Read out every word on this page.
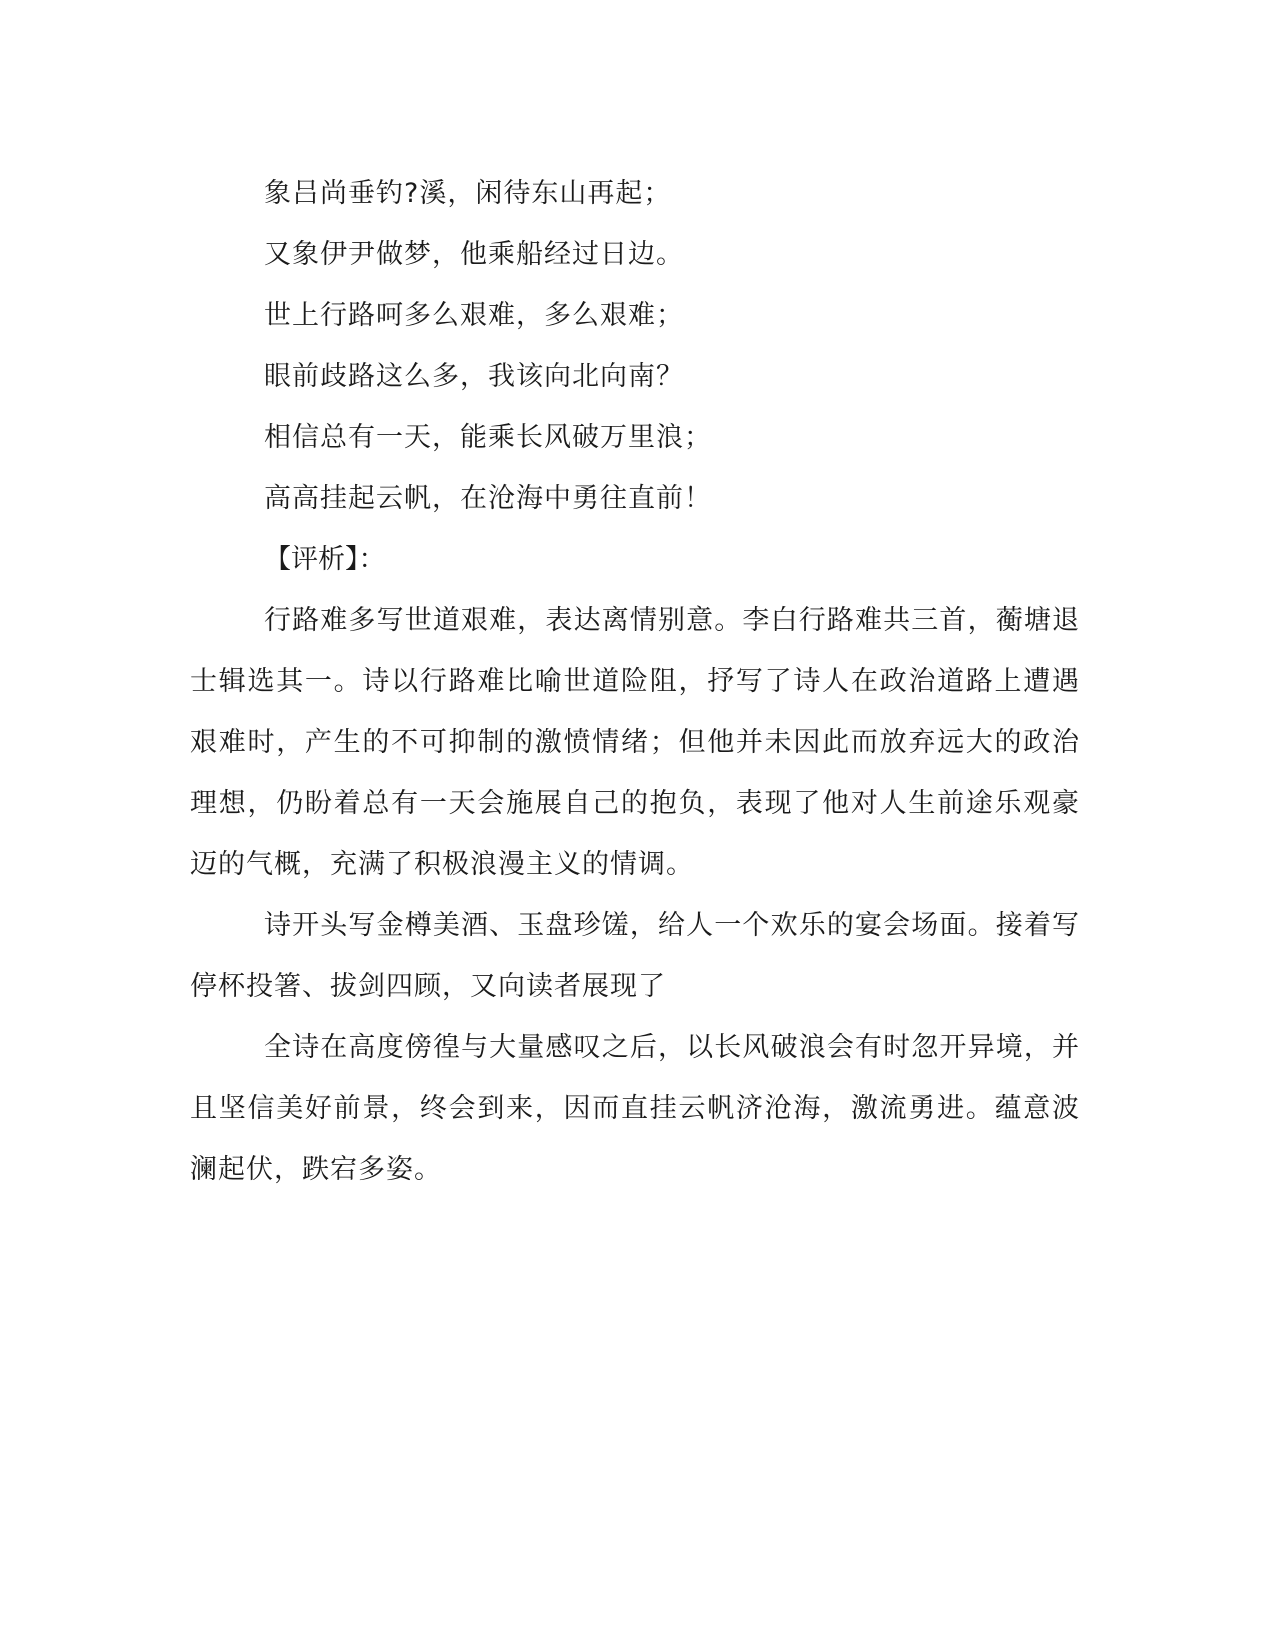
象吕尚垂钓?溪，闲待东山再起；

又象伊尹做梦，他乘船经过日边。

世上行路呵多么艰难，多么艰难；

眼前歧路这么多，我该向北向南？

相信总有一天，能乘长风破万里浪；

高高挂起云帆，在沧海中勇往直前！

【评析】：

行路难多写世道艰难，表达离情别意。李白行路难共三首，蘅塘退士辑选其一。诗以行路难比喻世道险阻，抒写了诗人在政治道路上遭遇艰难时，产生的不可抑制的激愤情绪；但他并未因此而放弃远大的政治理想，仍盼着总有一天会施展自己的抱负，表现了他对人生前途乐观豪迈的气概，充满了积极浪漫主义的情调。

诗开头写金樽美酒、玉盘珍馐，给人一个欢乐的宴会场面。接着写停杯投箸、拔剑四顾，又向读者展现了

全诗在高度傍徨与大量感叹之后，以长风破浪会有时忽开异境，并且坚信美好前景，终会到来，因而直挂云帆济沧海，激流勇进。蕴意波澜起伏，跌宕多姿。
